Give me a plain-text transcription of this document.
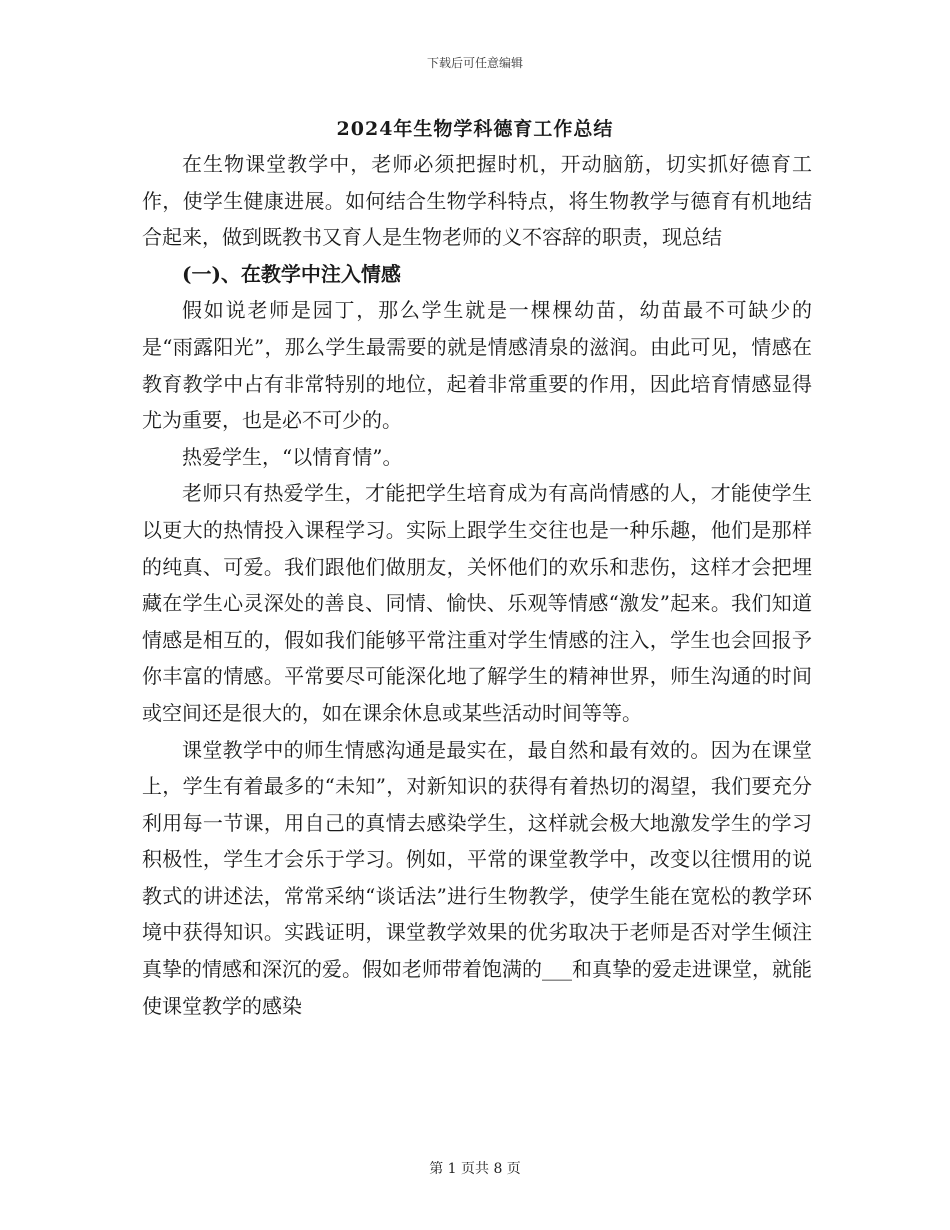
下载后可任意编辑
2024年生物学科德育工作总结

在生物课堂教学中，老师必须把握时机，开动脑筋，切实抓好德育工作，使学生健康进展。如何结合生物学科特点，将生物教学与德育有机地结合起来，做到既教书又育人是生物老师的义不容辞的职责，现总结

(一)、在教学中注入情感

假如说老师是园丁，那么学生就是一棵棵幼苗，幼苗最不可缺少的是“雨露阳光”，那么学生最需要的就是情感清泉的滋润。由此可见，情感在教育教学中占有非常特别的地位，起着非常重要的作用，因此培育情感显得尤为重要，也是必不可少的。

热爱学生，“以情育情”。

老师只有热爱学生，才能把学生培育成为有高尚情感的人，才能使学生以更大的热情投入课程学习。实际上跟学生交往也是一种乐趣，他们是那样的纯真、可爱。我们跟他们做朋友，关怀他们的欢乐和悲伤，这样才会把埋藏在学生心灵深处的善良、同情、愉快、乐观等情感“激发”起来。我们知道情感是相互的，假如我们能够平常注重对学生情感的注入，学生也会回报予你丰富的情感。平常要尽可能深化地了解学生的精神世界，师生沟通的时间或空间还是很大的，如在课余休息或某些活动时间等等。

课堂教学中的师生情感沟通是最实在，最自然和最有效的。因为在课堂上，学生有着最多的“未知”，对新知识的获得有着热切的渴望，我们要充分利用每一节课，用自己的真情去感染学生，这样就会极大地激发学生的学习积极性，学生才会乐于学习。例如，平常的课堂教学中，改变以往惯用的说教式的讲述法，常常采纳“谈话法”进行生物教学，使学生能在宽松的教学环境中获得知识。实践证明，课堂教学效果的优劣取决于老师是否对学生倾注真挚的情感和深沉的爱。假如老师带着饱满的___和真挚的爱走进课堂，就能使课堂教学的感染

第 1 页共 8 页
